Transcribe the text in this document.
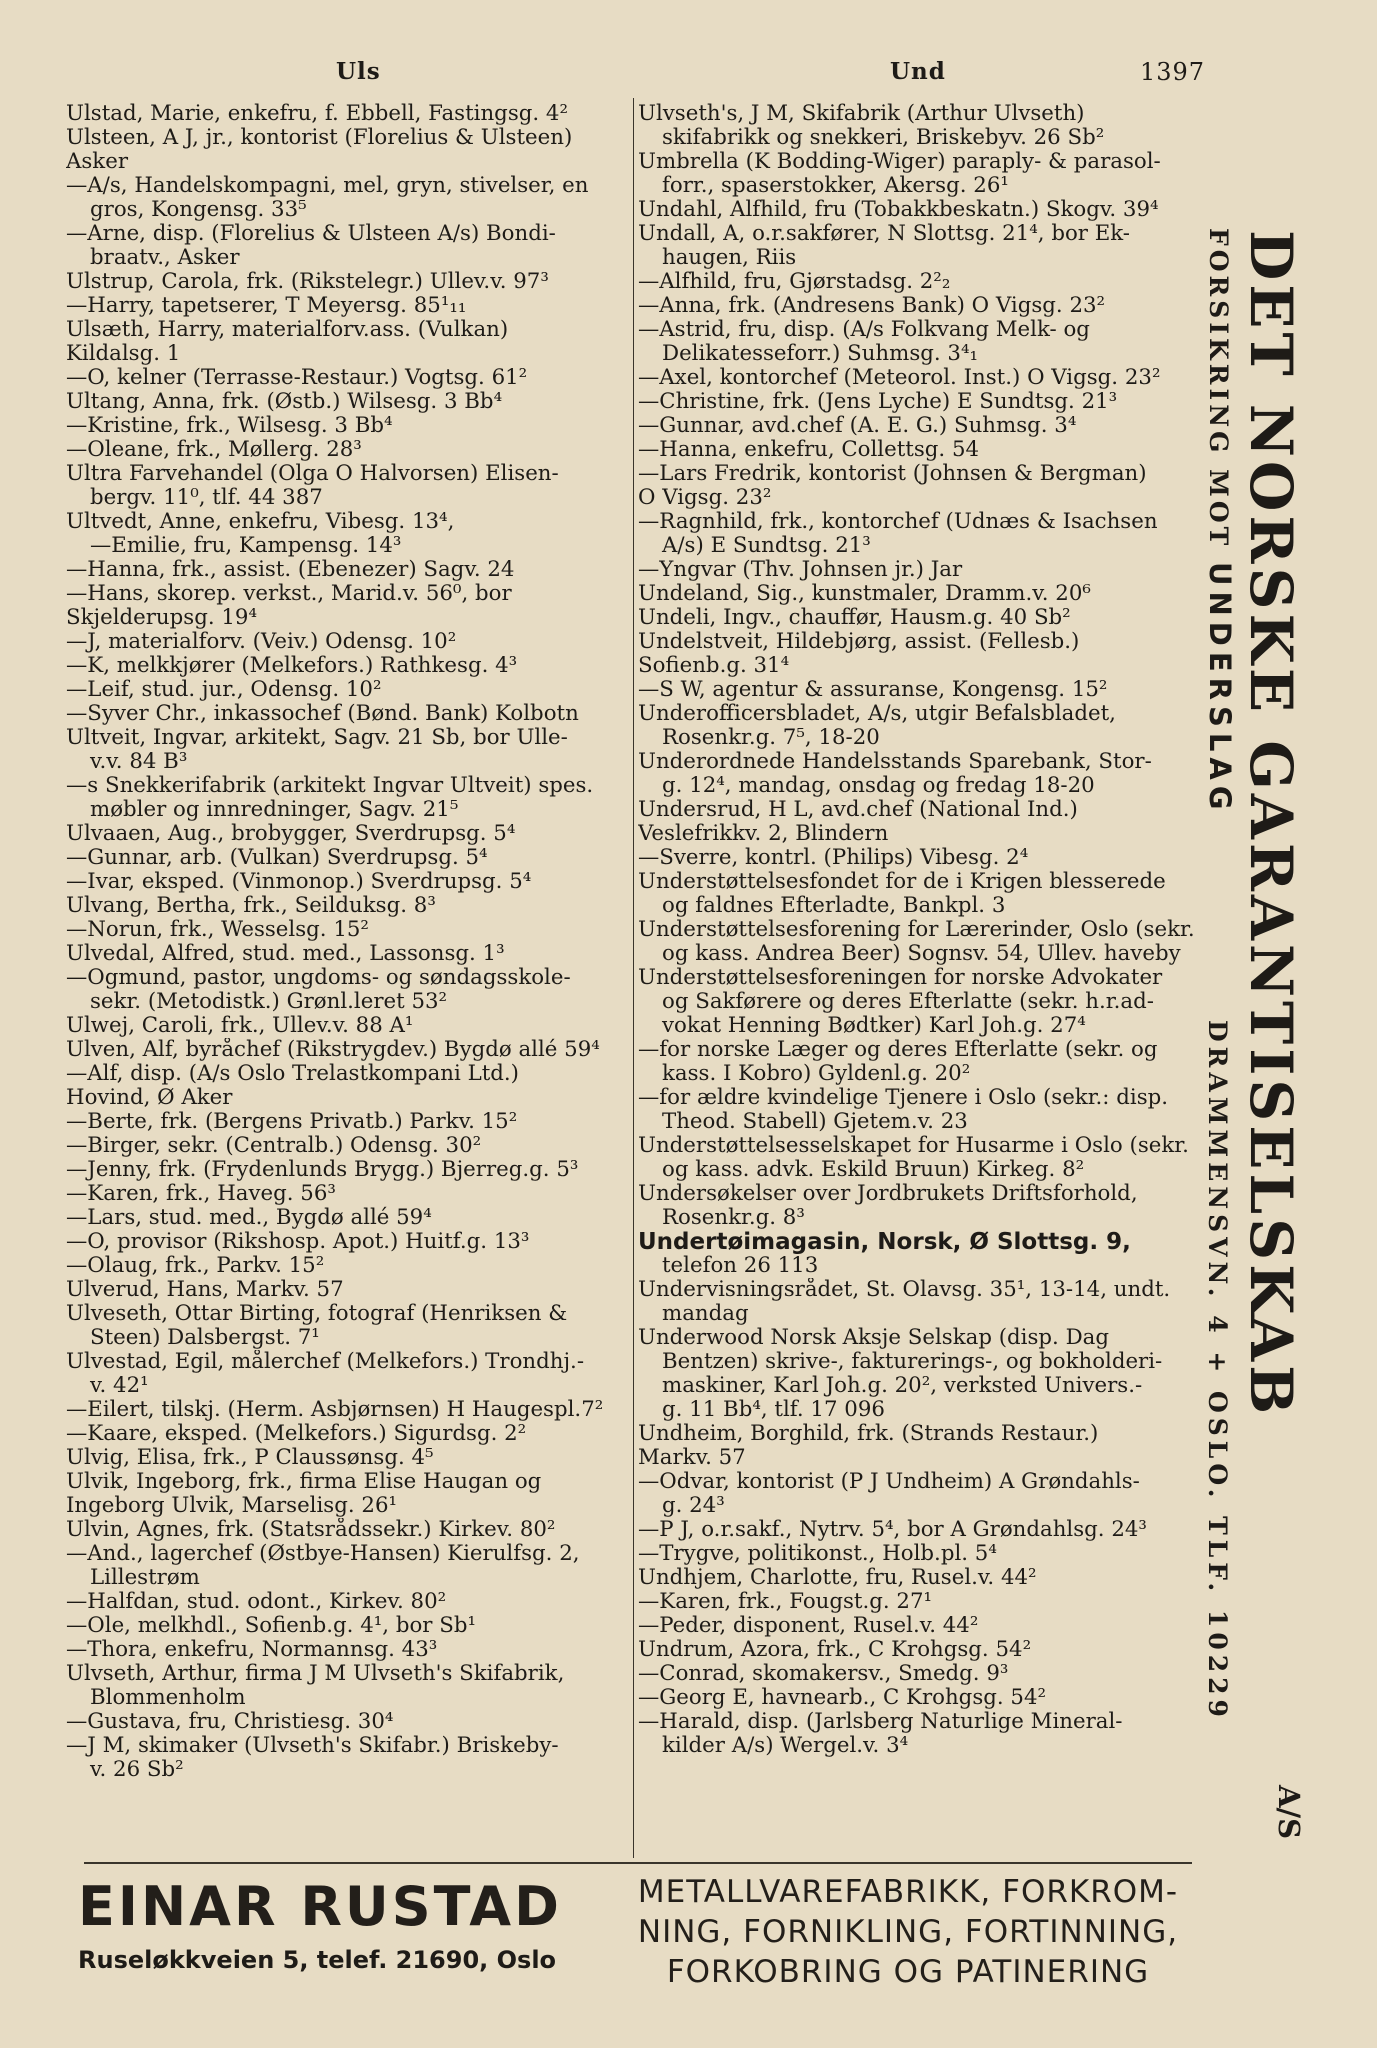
Uls	Und	1397

Ulstad, Marie, enkefru, f. Ebbell, Fastingsg. 4²

Ulsteen, A J, jr., kontorist (Florelius & Ulsteen)

Asker

—A/s, Handelskompagni, mel, gryn, stivelser, en

gros, Kongensg. 33⁵

—Arne, disp. (Florelius & Ulsteen A/s) Bondi-

braatv., Asker

Ulstrup, Carola, frk. (Rikstelegr.) Ullev.v. 97³

—Harry, tapetserer, T Meyersg. 85¹₁₁

Ulsæth, Harry, materialforv.ass. (Vulkan)

Kildalsg. 1

—O, kelner (Terrasse-Restaur.) Vogtsg. 61²

Ultang, Anna, frk. (Østb.) Wilsesg. 3 Bb⁴

—Kristine, frk., Wilsesg. 3 Bb⁴

—Oleane, frk., Møllerg. 28³

Ultra Farvehandel (Olga O Halvorsen) Elisen-

bergv. 11⁰, tlf. 44 387

Ultvedt, Anne, enkefru, Vibesg. 13⁴,

—Emilie, fru, Kampensg. 14³

—Hanna, frk., assist. (Ebenezer) Sagv. 24

—Hans, skorep. verkst., Marid.v. 56⁰, bor

Skjelderupsg. 19⁴

—J, materialforv. (Veiv.) Odensg. 10²

—K, melkkjører (Melkefors.) Rathkesg. 4³

—Leif, stud. jur., Odensg. 10²

—Syver Chr., inkassochef (Bønd. Bank) Kolbotn

Ultveit, Ingvar, arkitekt, Sagv. 21 Sb, bor Ulle-

v.v. 84 B³

—s Snekkerifabrik (arkitekt Ingvar Ultveit) spes.

møbler og innredninger, Sagv. 21⁵

Ulvaaen, Aug., brobygger, Sverdrupsg. 5⁴

—Gunnar, arb. (Vulkan) Sverdrupsg. 5⁴

—Ivar, eksped. (Vinmonop.) Sverdrupsg. 5⁴

Ulvang, Bertha, frk., Seilduksg. 8³

—Norun, frk., Wesselsg. 15²

Ulvedal, Alfred, stud. med., Lassonsg. 1³

—Ogmund, pastor, ungdoms- og søndagsskole-

sekr. (Metodistk.) Grønl.leret 53²

Ulwej, Caroli, frk., Ullev.v. 88 A¹

Ulven, Alf, byråchef (Rikstrygdev.) Bygdø allé 59⁴

—Alf, disp. (A/s Oslo Trelastkompani Ltd.)

Hovind, Ø Aker

—Berte, frk. (Bergens Privatb.) Parkv. 15²

—Birger, sekr. (Centralb.) Odensg. 30²

—Jenny, frk. (Frydenlunds Brygg.) Bjerreg.g. 5³

—Karen, frk., Haveg. 56³

—Lars, stud. med., Bygdø allé 59⁴

—O, provisor (Rikshosp. Apot.) Huitf.g. 13³

—Olaug, frk., Parkv. 15²

Ulverud, Hans, Markv. 57

Ulveseth, Ottar Birting, fotograf (Henriksen &

Steen) Dalsbergst. 7¹

Ulvestad, Egil, målerchef (Melkefors.) Trondhj.-

v. 42¹

—Eilert, tilskj. (Herm. Asbjørnsen) H Haugespl.7²

—Kaare, eksped. (Melkefors.) Sigurdsg. 2²

Ulvig, Elisa, frk., P Claussønsg. 4⁵

Ulvik, Ingeborg, frk., firma Elise Haugan og

Ingeborg Ulvik, Marselisg. 26¹

Ulvin, Agnes, frk. (Statsrådssekr.) Kirkev. 80²

—And., lagerchef (Østbye-Hansen) Kierulfsg. 2,

Lillestrøm

—Halfdan, stud. odont., Kirkev. 80²

—Ole, melkhdl., Sofienb.g. 4¹, bor Sb¹

—Thora, enkefru, Normannsg. 43³

Ulvseth, Arthur, firma J M Ulvseth's Skifabrik,

Blommenholm

—Gustava, fru, Christiesg. 30⁴

—J M, skimaker (Ulvseth's Skifabr.) Briskeby-

v. 26 Sb²

Ulvseth's, J M, Skifabrik (Arthur Ulvseth)

skifabrikk og snekkeri, Briskebyv. 26 Sb²

Umbrella (K Bodding-Wiger) paraply- & parasol-

forr., spaserstokker, Akersg. 26¹

Undahl, Alfhild, fru (Tobakkbeskatn.) Skogv. 39⁴

Undall, A, o.r.sakfører, N Slottsg. 21⁴, bor Ek-

haugen, Riis

—Alfhild, fru, Gjørstadsg. 2²₂

—Anna, frk. (Andresens Bank) O Vigsg. 23²

—Astrid, fru, disp. (A/s Folkvang Melk- og

Delikatesseforr.) Suhmsg. 3⁴₁

—Axel, kontorchef (Meteorol. Inst.) O Vigsg. 23²

—Christine, frk. (Jens Lyche) E Sundtsg. 21³

—Gunnar, avd.chef (A. E. G.) Suhmsg. 3⁴

—Hanna, enkefru, Collettsg. 54

—Lars Fredrik, kontorist (Johnsen & Bergman)

O Vigsg. 23²

—Ragnhild, frk., kontorchef (Udnæs & Isachsen

A/s) E Sundtsg. 21³

—Yngvar (Thv. Johnsen jr.) Jar

Undeland, Sig., kunstmaler, Dramm.v. 20⁶

Undeli, Ingv., chauffør, Hausm.g. 40 Sb²

Undelstveit, Hildebjørg, assist. (Fellesb.)

Sofienb.g. 31⁴

—S W, agentur & assuranse, Kongensg. 15²

Underofficersbladet, A/s, utgir Befalsbladet,

Rosenkr.g. 7⁵, 18-20

Underordnede Handelsstands Sparebank, Stor-

g. 12⁴, mandag, onsdag og fredag 18-20

Undersrud, H L, avd.chef (National Ind.)

Veslefrikkv. 2, Blindern

—Sverre, kontrl. (Philips) Vibesg. 2⁴

Understøttelsesfondet for de i Krigen blesserede

og faldnes Efterladte, Bankpl. 3

Understøttelsesforening for Lærerinder, Oslo (sekr.

og kass. Andrea Beer) Sognsv. 54, Ullev. haveby

Understøttelsesforeningen for norske Advokater

og Sakførere og deres Efterlatte (sekr. h.r.ad-

vokat Henning Bødtker) Karl Joh.g. 27⁴

—for norske Læger og deres Efterlatte (sekr. og

kass. I Kobro) Gyldenl.g. 20²

—for ældre kvindelige Tjenere i Oslo (sekr.: disp.

Theod. Stabell) Gjetem.v. 23

Understøttelsesselskapet for Husarme i Oslo (sekr.

og kass. advk. Eskild Bruun) Kirkeg. 8²

Undersøkelser over Jordbrukets Driftsforhold,

Rosenkr.g. 8³

Undertøimagasin, Norsk, Ø Slottsg. 9,

telefon 26 113

Undervisningsrådet, St. Olavsg. 35¹, 13-14, undt.

mandag

Underwood Norsk Aksje Selskap (disp. Dag

Bentzen) skrive-, fakturerings-, og bokholderi-

maskiner, Karl Joh.g. 20², verksted Univers.-

g. 11 Bb⁴, tlf. 17 096

Undheim, Borghild, frk. (Strands Restaur.)

Markv. 57

—Odvar, kontorist (P J Undheim) A Grøndahls-

g. 24³

—P J, o.r.sakf., Nytrv. 5⁴, bor A Grøndahlsg. 24³

—Trygve, politikonst., Holb.pl. 5⁴

Undhjem, Charlotte, fru, Rusel.v. 44²

—Karen, frk., Fougst.g. 27¹

—Peder, disponent, Rusel.v. 44²

Undrum, Azora, frk., C Krohgsg. 54²

—Conrad, skomakersv., Smedg. 9³

—Georg E, havnearb., C Krohgsg. 54²

—Harald, disp. (Jarlsberg Naturlige Mineral-

kilder A/s) Wergel.v. 3⁴

DET NORSKE GARANTISELSKAB
FORSIKRING MOT UNDERSLAG
DRAMMENSVN. 4 + OSLO. TLF. 10229
A/S
EINAR RUSTAD
Ruseløkkveien 5, telef. 21690, Oslo
METALLVAREFABRIKK, FORKROM-
NING, FORNIKLING, FORTINNING,
FORKOBRING OG PATINERING
